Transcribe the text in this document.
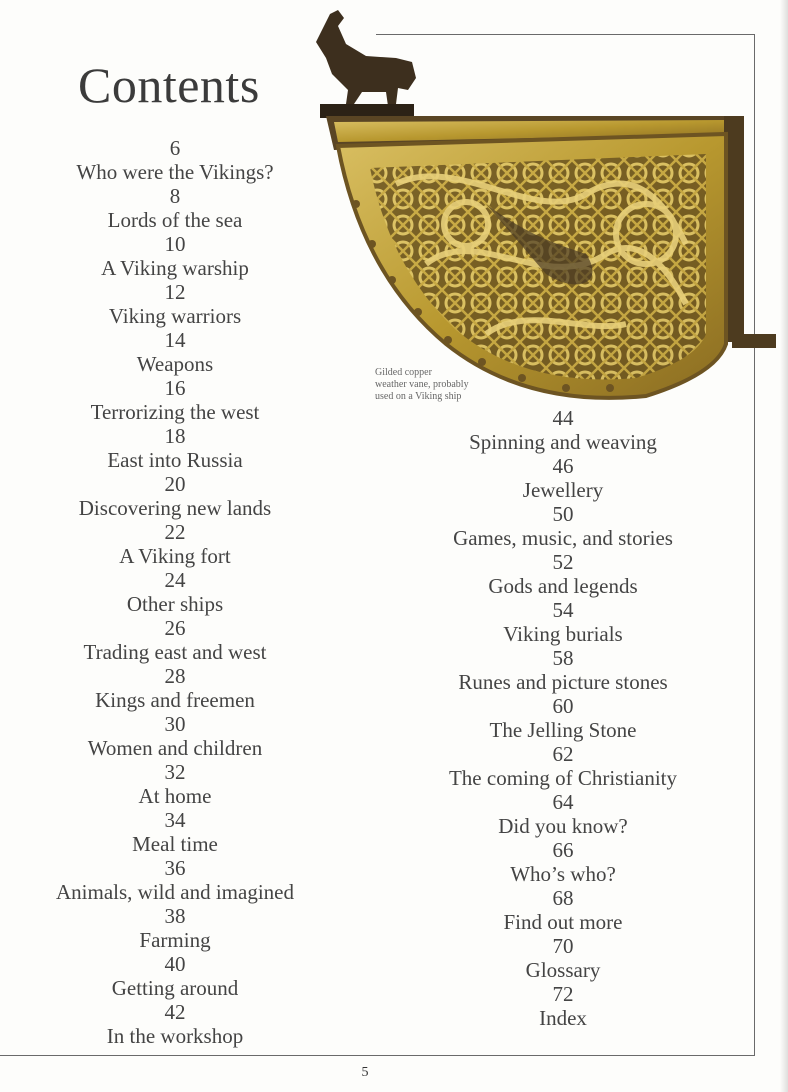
Contents
Gilded copper
weather vane, probably
used on a Viking ship
6
Who were the Vikings?
8
Lords of the sea
10
A Viking warship
12
Viking warriors
14
Weapons
16
Terrorizing the west
18
East into Russia
20
Discovering new lands
22
A Viking fort
24
Other ships
26
Trading east and west
28
Kings and freemen
30
Women and children
32
At home
34
Meal time
36
Animals, wild and imagined
38
Farming
40
Getting around
42
In the workshop
44
Spinning and weaving
46
Jewellery
50
Games, music, and stories
52
Gods and legends
54
Viking burials
58
Runes and picture stones
60
The Jelling Stone
62
The coming of Christianity
64
Did you know?
66
Who’s who?
68
Find out more
70
Glossary
72
Index
5
